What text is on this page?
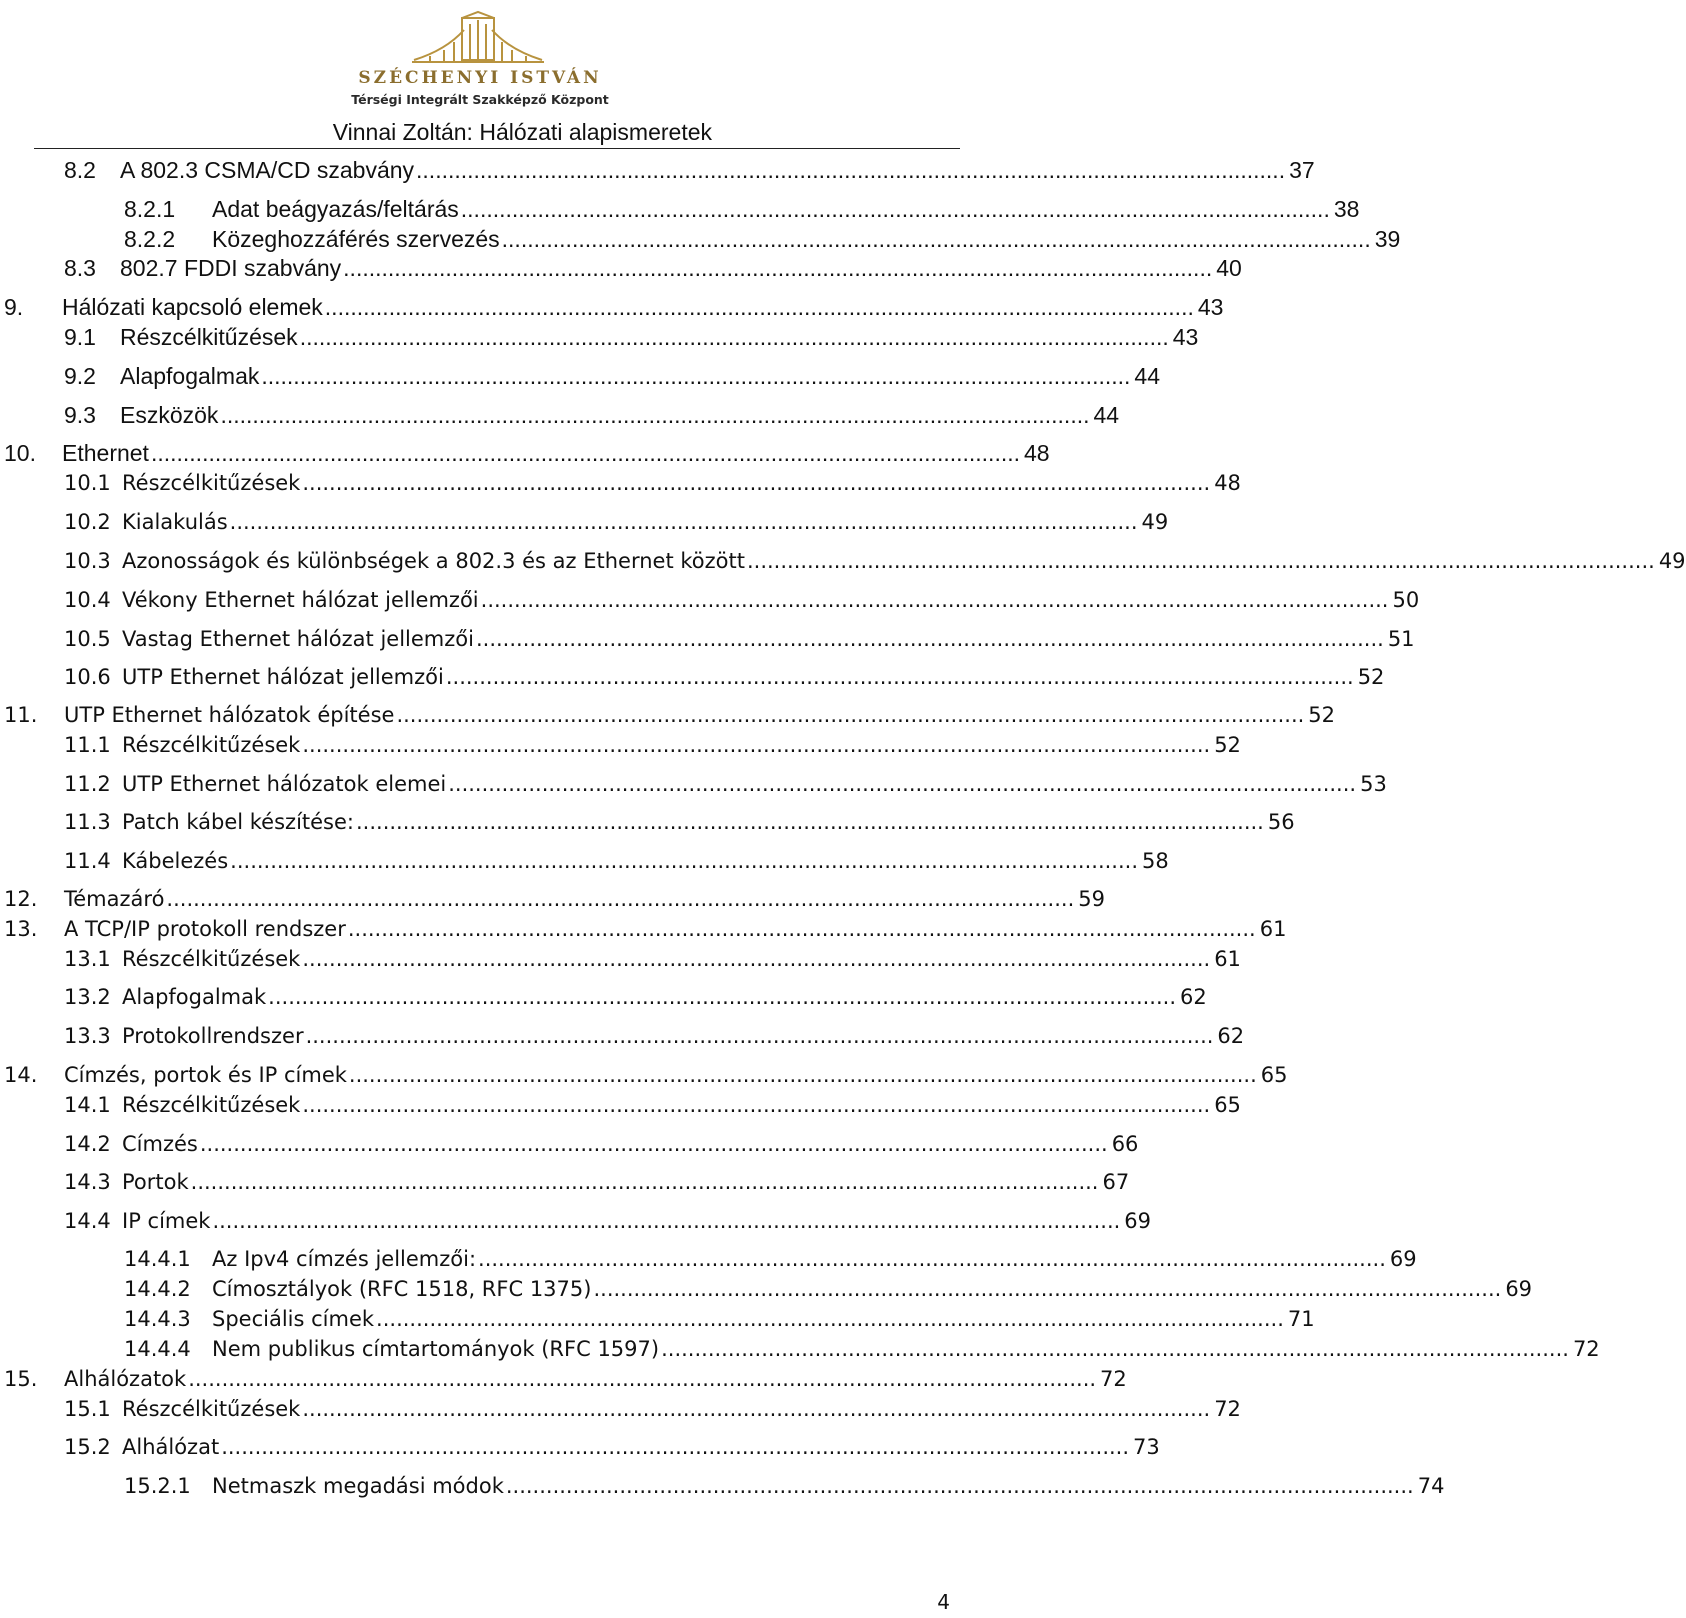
SZÉCHENYI ISTVÁN
Térségi Integrált Szakképző Központ
Vinnai Zoltán: Hálózati alapismeretek
8.2	A 802.3 CSMA/CD szabvány ........................................................................................................................................ 37
8.2.1	Adat beágyazás/feltárás ........................................................................................................................................ 38
8.2.2	Közeghozzáférés szervezés ........................................................................................................................................ 39
8.3	802.7 FDDI szabvány ........................................................................................................................................ 40
9.	Hálózati kapcsoló elemek ........................................................................................................................................ 43
9.1	Részcélkitűzések ........................................................................................................................................ 43
9.2	Alapfogalmak ........................................................................................................................................ 44
9.3	Eszközök ........................................................................................................................................ 44
10.	Ethernet ........................................................................................................................................ 48
10.1 Részcélkitűzések ........................................................................................................................................ 48
10.2 Kialakulás ........................................................................................................................................ 49
10.3 Azonosságok és különbségek a 802.3 és az Ethernet között ........................................................................................................................................ 49
10.4 Vékony Ethernet hálózat jellemzői ........................................................................................................................................ 50
10.5 Vastag Ethernet hálózat jellemzői ........................................................................................................................................ 51
10.6 UTP Ethernet hálózat jellemzői ........................................................................................................................................ 52
11.	UTP Ethernet hálózatok építése ........................................................................................................................................ 52
11.1 Részcélkitűzések ........................................................................................................................................ 52
11.2 UTP Ethernet hálózatok elemei ........................................................................................................................................ 53
11.3 Patch kábel készítése: ........................................................................................................................................ 56
11.4 Kábelezés ........................................................................................................................................ 58
12.	Témazáró ........................................................................................................................................ 59
13.	A TCP/IP protokoll rendszer ........................................................................................................................................ 61
13.1 Részcélkitűzések ........................................................................................................................................ 61
13.2 Alapfogalmak ........................................................................................................................................ 62
13.3 Protokollrendszer ........................................................................................................................................ 62
14.	Címzés, portok és IP címek ........................................................................................................................................ 65
14.1 Részcélkitűzések ........................................................................................................................................ 65
14.2 Címzés ........................................................................................................................................ 66
14.3 Portok ........................................................................................................................................ 67
14.4 IP címek ........................................................................................................................................ 69
14.4.1	Az Ipv4 címzés jellemzői: ........................................................................................................................................ 69
14.4.2	Címosztályok (RFC 1518, RFC 1375) ........................................................................................................................................ 69
14.4.3	Speciális címek ........................................................................................................................................ 71
14.4.4	Nem publikus címtartományok (RFC 1597) ........................................................................................................................................ 72
15.	Alhálózatok ........................................................................................................................................ 72
15.1 Részcélkitűzések ........................................................................................................................................ 72
15.2 Alhálózat ........................................................................................................................................ 73
15.2.1	Netmaszk megadási módok ........................................................................................................................................ 74
4
